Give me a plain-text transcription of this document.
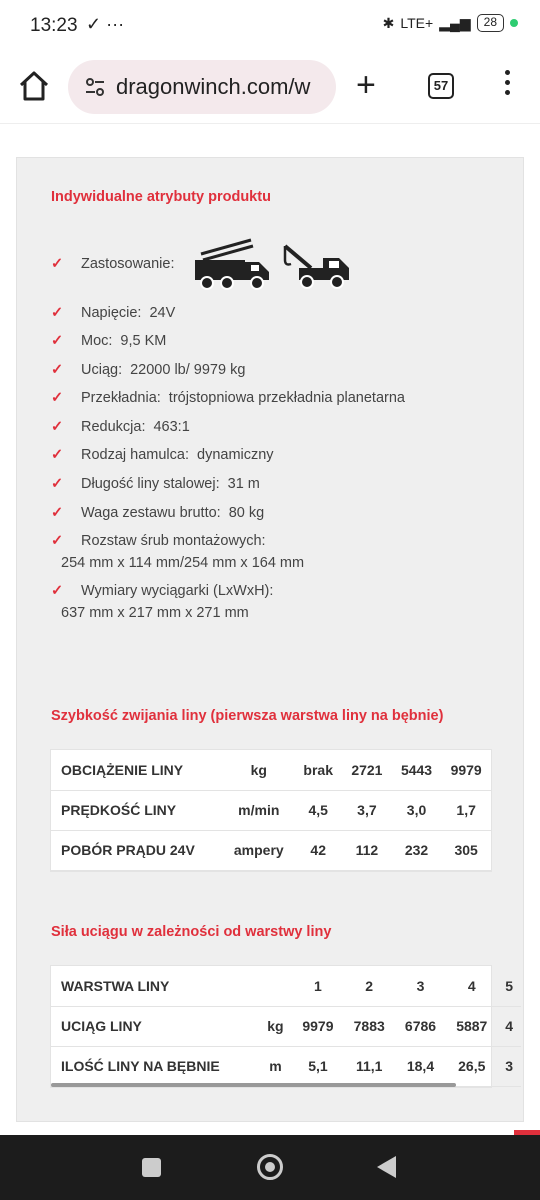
13:23 ✓ ···	✱ LTE+ ▂▄▆	28
dragonwinch.com/w +	57
Indywidualne atrybuty produktu
✓ Zastosowanie:
✓ Napięcie: 24V
✓ Moc: 9,5 KM
✓ Uciąg: 22000 lb/ 9979 kg
✓ Przekładnia: trójstopniowa przekładnia planetarna
✓ Redukcja: 463:1
✓ Rodzaj hamulca: dynamiczny
✓ Długość liny stalowej: 31 m
✓ Waga zestawu brutto: 80 kg
✓ Rozstaw śrub montażowych:
254 mm x 114 mm/254 mm x 164 mm
✓ Wymiary wyciągarki (LxWxH):
637 mm x 217 mm x 271 mm
Szybkość zwijania liny (pierwsza warstwa liny na bębnie)
OBCIĄŻENIE LINY	kg	brak	2721	5443	9979
PRĘDKOŚĆ LINY	m/min	4,5	3,7	3,0	1,7
POBÓR PRĄDU 24V	ampery	42	112	232	305
Siła uciągu w zależności od warstwy liny
WARSTWA LINY		1	2	3	4	5
UCIĄG LINY	kg	9979	7883	6786	5887	4
ILOŚĆ LINY NA BĘBNIE	m	5,1	11,1	18,4	26,5	3
